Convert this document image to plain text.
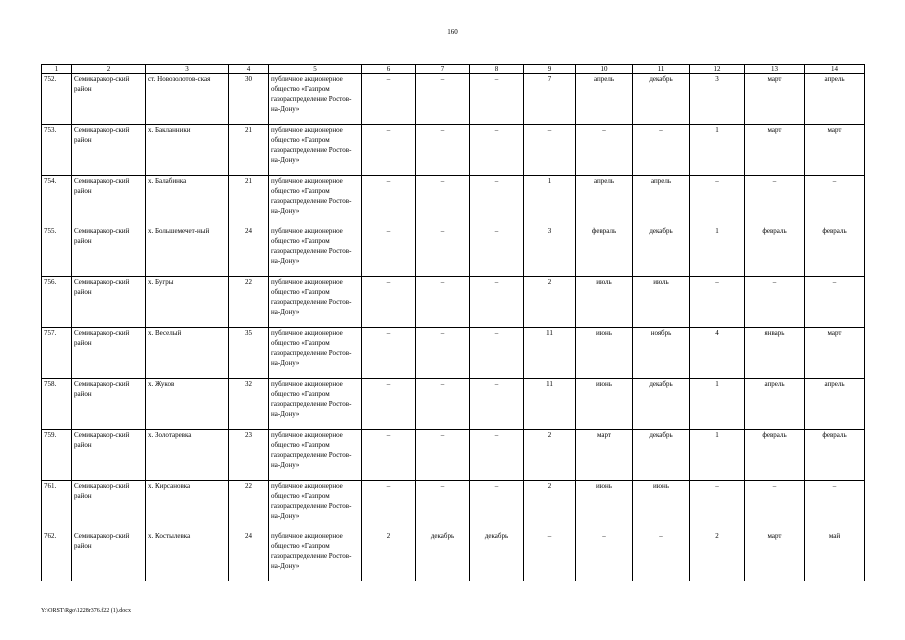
160
1	2	3	4	5	6	7	8	9	10	11	12	13	14
752.	Семикаракор-ский район	ст. Новозолотов-ская	30	публичное акционерное общество «Газпром газораспределение Ростов-на-Дону»	–	–	–	7	апрель	декабрь	3	март	апрель
753.	Семикаракор-ский район	х. Бакланники	21	публичное акционерное общество «Газпром газораспределение Ростов-на-Дону»	–	–	–	–	–	–	1	март	март
754.	Семикаракор-ский район	х. Балабинка	21	публичное акционерное общество «Газпром газораспределение Ростов-на-Дону»	–	–	–	1	апрель	апрель	–	–	–
755.	Семикаракор-ский район	х. Большемечет-ный	24	публичное акционерное общество «Газпром газораспределение Ростов-на-Дону»	–	–	–	3	февраль	декабрь	1	февраль	февраль
756.	Семикаракор-ский район	х. Бугры	22	публичное акционерное общество «Газпром газораспределение Ростов-на-Дону»	–	–	–	2	июль	июль	–	–	–
757.	Семикаракор-ский район	х. Веселый	35	публичное акционерное общество «Газпром газораспределение Ростов-на-Дону»	–	–	–	11	июнь	ноябрь	4	январь	март
758.	Семикаракор-ский район	х. Жуков	32	публичное акционерное общество «Газпром газораспределение Ростов-на-Дону»	–	–	–	11	июнь	декабрь	1	апрель	апрель
759.	Семикаракор-ский район	х. Золотаревка	23	публичное акционерное общество «Газпром газораспределение Ростов-на-Дону»	–	–	–	2	март	декабрь	1	февраль	февраль
761.	Семикаракор-ский район	х. Кирсановка	22	публичное акционерное общество «Газпром газораспределение Ростов-на-Дону»	–	–	–	2	июнь	июнь	–	–	–
762.	Семикаракор-ский район	х. Костылевка	24	публичное акционерное общество «Газпром газораспределение Ростов-на-Дону»	2	декабрь	декабрь	–	–	–	2	март	май
Y:\ORST\Rgo\1228r376.f22 (1).docx
